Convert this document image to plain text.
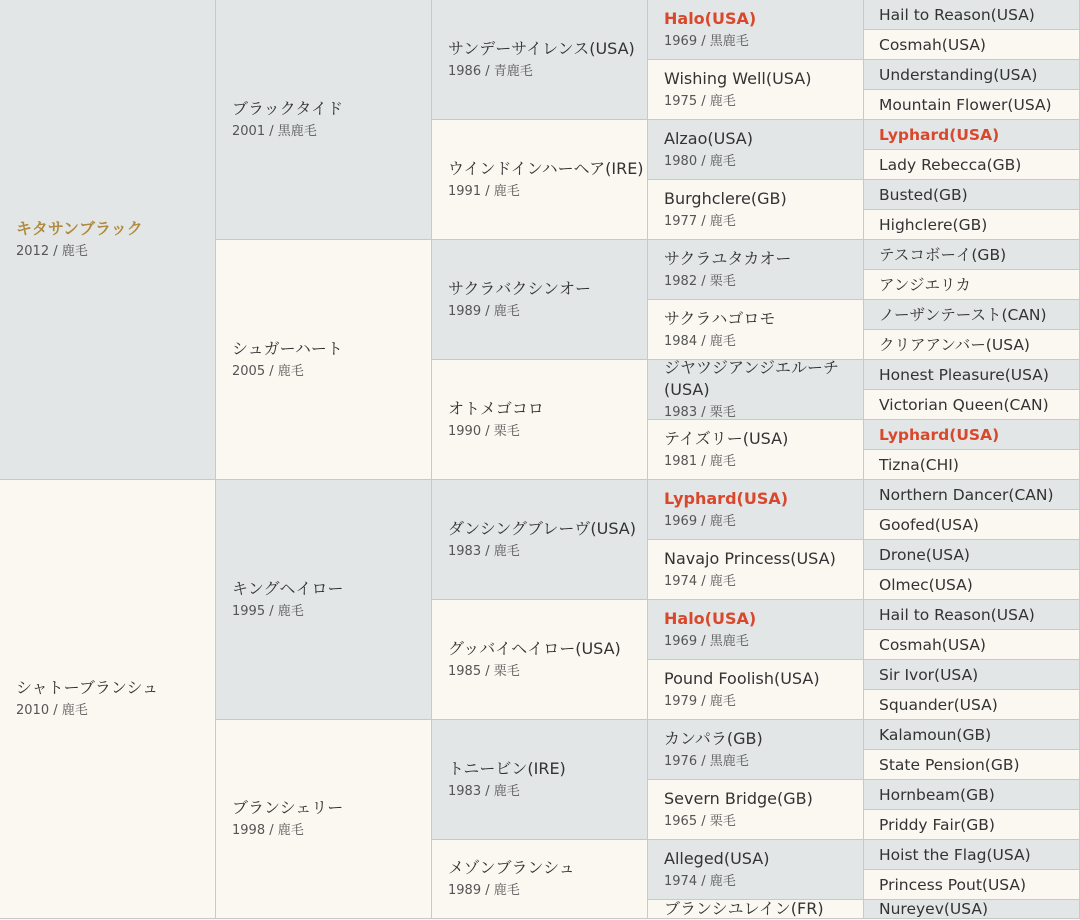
キタサンブラック
2012 / 鹿毛
シャトーブランシュ
2010 / 鹿毛
ブラックタイド
2001 / 黒鹿毛
シュガーハート
2005 / 鹿毛
キングヘイロー
1995 / 鹿毛
ブランシェリー
1998 / 鹿毛
サンデーサイレンス(USA)
1986 / 青鹿毛
ウインドインハーヘア(IRE)
1991 / 鹿毛
サクラバクシンオー
1989 / 鹿毛
オトメゴコロ
1990 / 栗毛
ダンシングブレーヴ(USA)
1983 / 鹿毛
グッバイヘイロー(USA)
1985 / 栗毛
トニービン(IRE)
1983 / 鹿毛
メゾンブランシュ
1989 / 鹿毛
Halo(USA)
1969 / 黒鹿毛
Wishing Well(USA)
1975 / 鹿毛
Alzao(USA)
1980 / 鹿毛
Burghclere(GB)
1977 / 鹿毛
サクラユタカオー
1982 / 栗毛
サクラハゴロモ
1984 / 鹿毛
ジヤツジアンジエルーチ(USA)
1983 / 栗毛
テイズリー(USA)
1981 / 鹿毛
Lyphard(USA)
1969 / 鹿毛
Navajo Princess(USA)
1974 / 鹿毛
Halo(USA)
1969 / 黒鹿毛
Pound Foolish(USA)
1979 / 鹿毛
カンパラ(GB)
1976 / 黒鹿毛
Severn Bridge(GB)
1965 / 栗毛
Alleged(USA)
1974 / 鹿毛
ブランシユレイン(FR)
Hail to Reason(USA)
Cosmah(USA)
Understanding(USA)
Mountain Flower(USA)
Lyphard(USA)
Lady Rebecca(GB)
Busted(GB)
Highclere(GB)
テスコボーイ(GB)
アンジエリカ
ノーザンテースト(CAN)
クリアアンバー(USA)
Honest Pleasure(USA)
Victorian Queen(CAN)
Lyphard(USA)
Tizna(CHI)
Northern Dancer(CAN)
Goofed(USA)
Drone(USA)
Olmec(USA)
Hail to Reason(USA)
Cosmah(USA)
Sir Ivor(USA)
Squander(USA)
Kalamoun(GB)
State Pension(GB)
Hornbeam(GB)
Priddy Fair(GB)
Hoist the Flag(USA)
Princess Pout(USA)
Nureyev(USA)
